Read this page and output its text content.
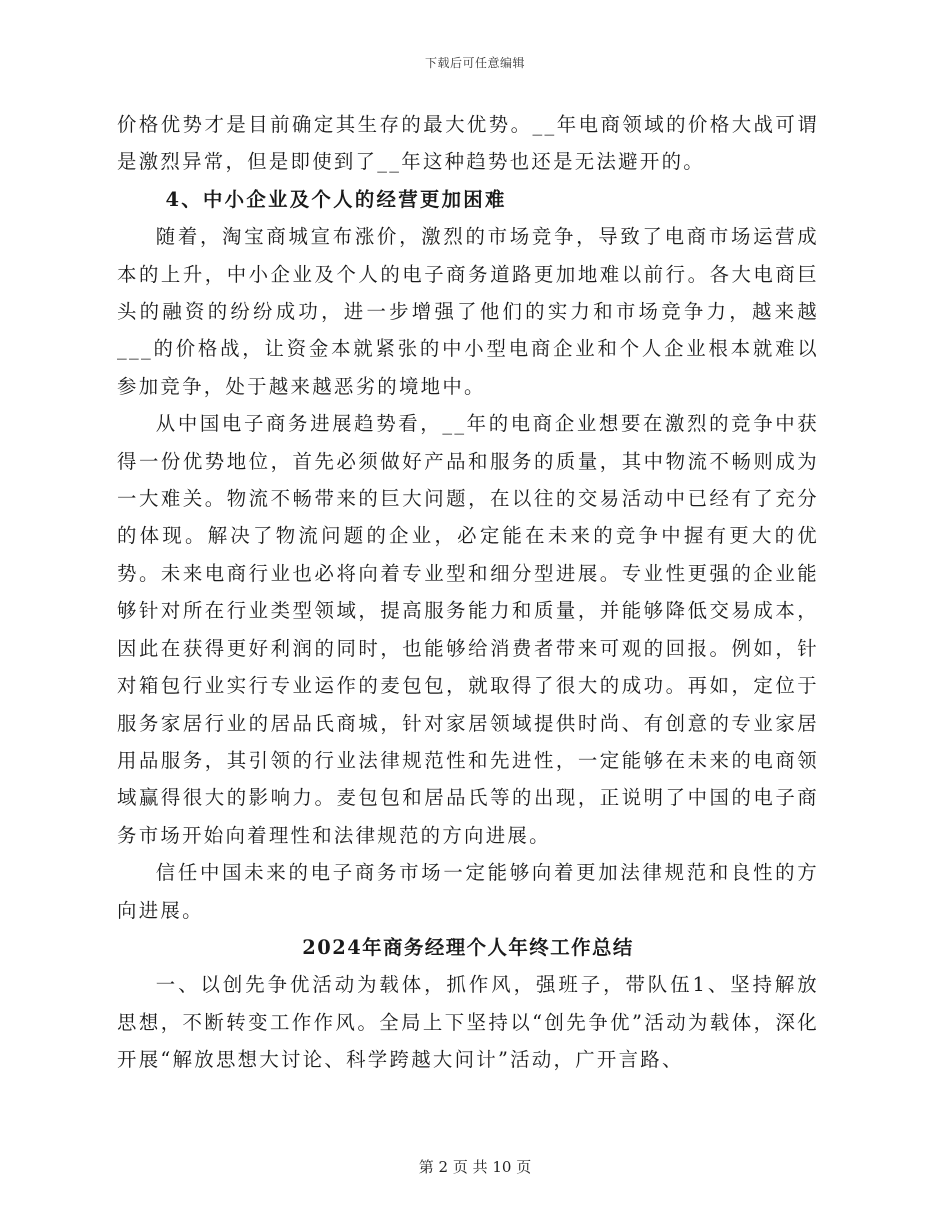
下载后可任意编辑

价格优势才是目前确定其生存的最大优势。__年电商领域的价格大战可谓是激烈异常，但是即使到了__年这种趋势也还是无法避开的。

4、中小企业及个人的经营更加困难

随着，淘宝商城宣布涨价，激烈的市场竞争，导致了电商市场运营成本的上升，中小企业及个人的电子商务道路更加地难以前行。各大电商巨头的融资的纷纷成功，进一步增强了他们的实力和市场竞争力，越来越___的价格战，让资金本就紧张的中小型电商企业和个人企业根本就难以参加竞争，处于越来越恶劣的境地中。

从中国电子商务进展趋势看，__年的电商企业想要在激烈的竞争中获得一份优势地位，首先必须做好产品和服务的质量，其中物流不畅则成为一大难关。物流不畅带来的巨大问题，在以往的交易活动中已经有了充分的体现。解决了物流问题的企业，必定能在未来的竞争中握有更大的优势。未来电商行业也必将向着专业型和细分型进展。专业性更强的企业能够针对所在行业类型领域，提高服务能力和质量，并能够降低交易成本，因此在获得更好利润的同时，也能够给消费者带来可观的回报。例如，针对箱包行业实行专业运作的麦包包，就取得了很大的成功。再如，定位于服务家居行业的居品氏商城，针对家居领域提供时尚、有创意的专业家居用品服务，其引领的行业法律规范性和先进性，一定能够在未来的电商领域赢得很大的影响力。麦包包和居品氏等的出现，正说明了中国的电子商务市场开始向着理性和法律规范的方向进展。

信任中国未来的电子商务市场一定能够向着更加法律规范和良性的方向进展。

2024年商务经理个人年终工作总结

一、以创先争优活动为载体，抓作风，强班子，带队伍1、坚持解放思想，不断转变工作作风。全局上下坚持以“创先争优”活动为载体，深化开展“解放思想大讨论、科学跨越大问计”活动，广开言路、

第 2 页 共 10 页
